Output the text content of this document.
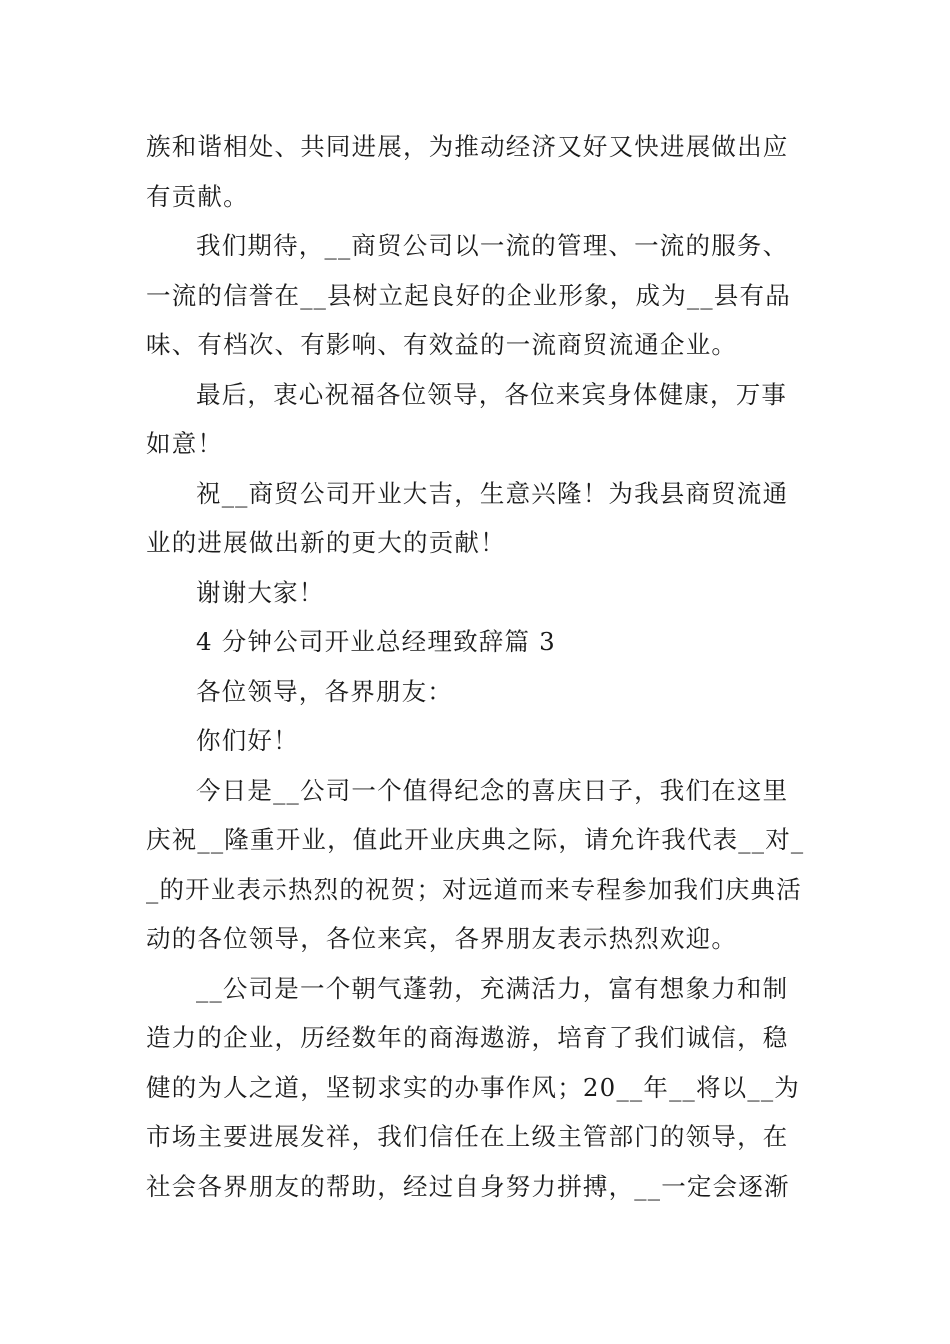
族和谐相处、共同进展，为推动经济又好又快进展做出应
有贡献。
我们期待，__商贸公司以一流的管理、一流的服务、
一流的信誉在__县树立起良好的企业形象，成为__县有品
味、有档次、有影响、有效益的一流商贸流通企业。
最后，衷心祝福各位领导，各位来宾身体健康，万事
如意！
祝__商贸公司开业大吉，生意兴隆！为我县商贸流通
业的进展做出新的更大的贡献！
谢谢大家！
4 分钟公司开业总经理致辞篇 3
各位领导，各界朋友：
你们好！
今日是__公司一个值得纪念的喜庆日子，我们在这里
庆祝__隆重开业，值此开业庆典之际，请允许我代表__对_
_的开业表示热烈的祝贺；对远道而来专程参加我们庆典活
动的各位领导，各位来宾，各界朋友表示热烈欢迎。
__公司是一个朝气蓬勃，充满活力，富有想象力和制
造力的企业，历经数年的商海遨游，培育了我们诚信，稳
健的为人之道，坚韧求实的办事作风；20__年__将以__为
市场主要进展发祥，我们信任在上级主管部门的领导，在
社会各界朋友的帮助，经过自身努力拼搏，__一定会逐渐
